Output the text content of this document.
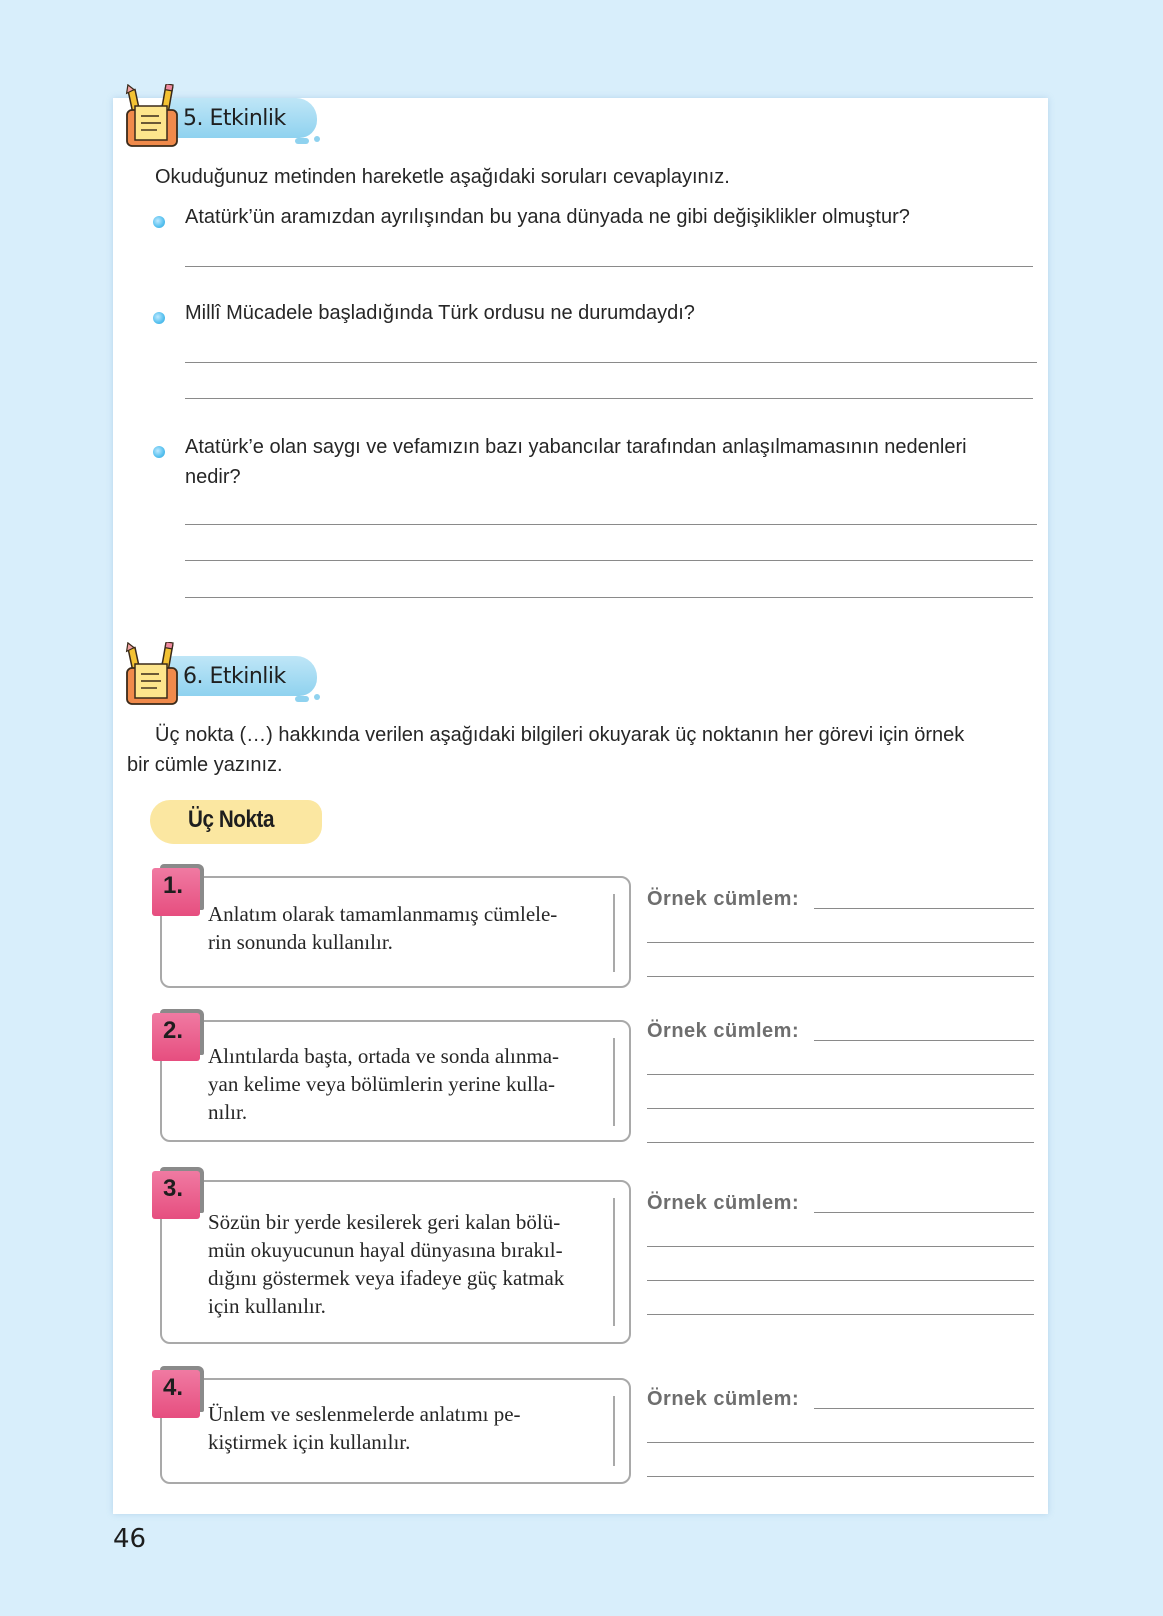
5. Etkinlik
Okuduğunuz metinden hareketle aşağıdaki soruları cevaplayınız.
Atatürk’ün aramızdan ayrılışından bu yana dünyada ne gibi değişiklikler olmuştur?
Millî Mücadele başladığında Türk ordusu ne durumdaydı?
Atatürk’e olan saygı ve vefamızın bazı yabancılar tarafından anlaşılmamasının nedenleri
nedir?
6. Etkinlik
Üç nokta (…) hakkında verilen aşağıdaki bilgileri okuyarak üç noktanın her görevi için örnek
bir cümle yazınız.
Üç Nokta
Anlatım olarak tamamlanmamış cümlele-
rin sonunda kullanılır.
1.	Örnek cümlem:
Alıntılarda başta, ortada ve sonda alınma-
yan kelime veya bölümlerin yerine kulla-
nılır.
2.	Örnek cümlem:
Sözün bir yerde kesilerek geri kalan bölü-
mün okuyucunun hayal dünyasına bırakıl-
dığını göstermek veya ifadeye güç katmak
için kullanılır.
3.
Örnek cümlem:
Ünlem ve seslenmelerde anlatımı pe-
kiştirmek için kullanılır.
4.	Örnek cümlem:
46
